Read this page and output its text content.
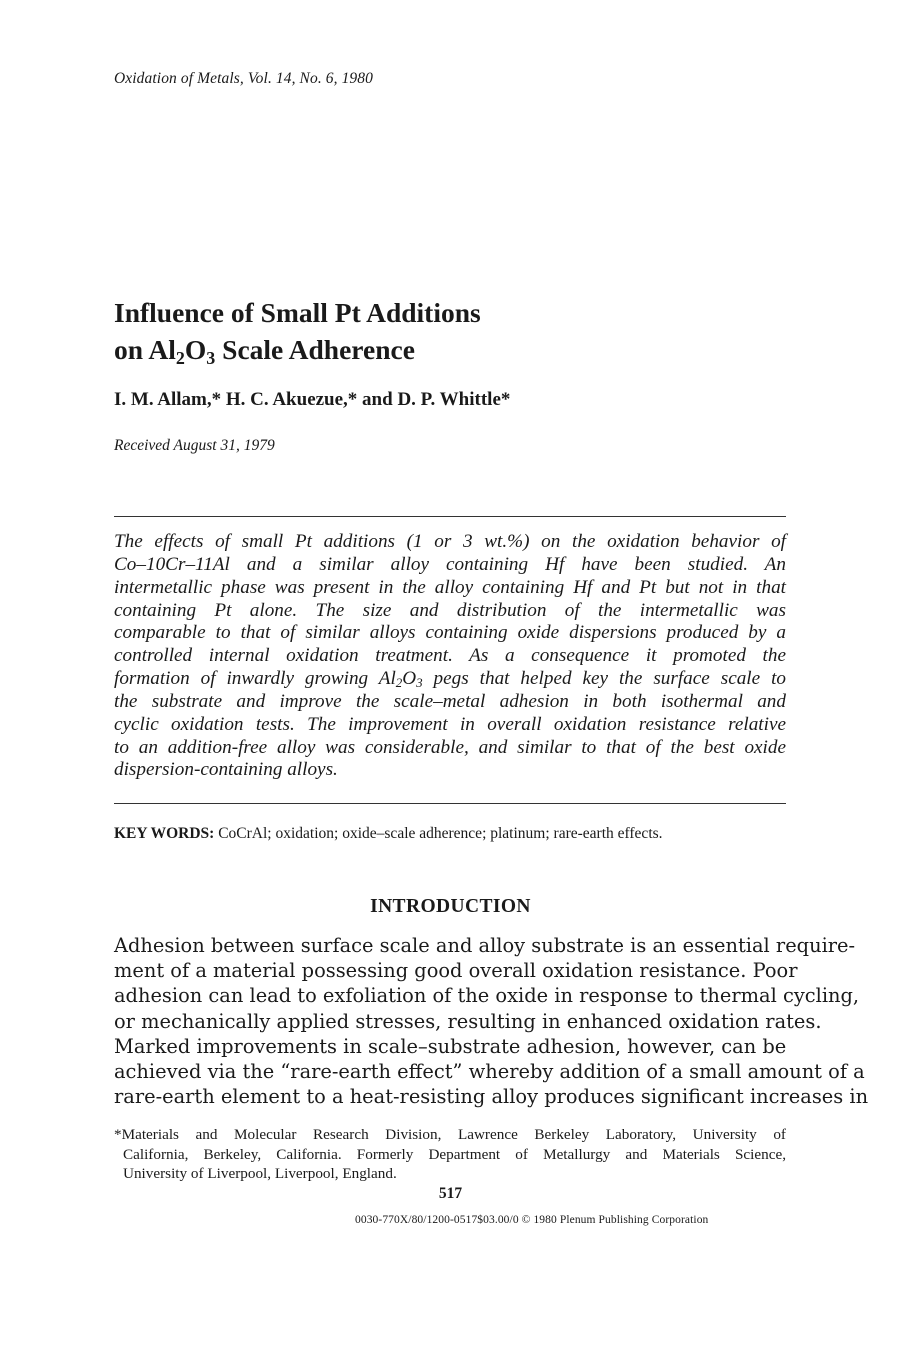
Oxidation of Metals, Vol. 14, No. 6, 1980
Influence of Small Pt Additions
on $Al_2O_3$ Scale Adherence
I. M. Allam,* H. C. Akuezue,* and D. P. Whittle*
Received August 31, 1979
The effects of small Pt additions (1 or 3 wt.%) on the oxidation behavior of
Co–10Cr–11Al and a similar alloy containing Hf have been studied. An
intermetallic phase was present in the alloy containing Hf and Pt but not in that
containing Pt alone. The size and distribution of the intermetallic was
comparable to that of similar alloys containing oxide dispersions produced by a
controlled internal oxidation treatment. As a consequence it promoted the
formation of inwardly growing $Al_2O_3$ pegs that helped key the surface scale to
the substrate and improve the scale–metal adhesion in both isothermal and
cyclic oxidation tests. The improvement in overall oxidation resistance relative
to an addition-free alloy was considerable, and similar to that of the best oxide
dispersion-containing alloys.
KEY WORDS: CoCrAl; oxidation; oxide–scale adherence; platinum; rare-earth effects.
INTRODUCTION
Adhesion between surface scale and alloy substrate is an essential require-
ment of a material possessing good overall oxidation resistance. Poor
adhesion can lead to exfoliation of the oxide in response to thermal cycling,
or mechanically applied stresses, resulting in enhanced oxidation rates.
Marked improvements in scale–substrate adhesion, however, can be
achieved via the “rare-earth effect” whereby addition of a small amount of a
rare-earth element to a heat-resisting alloy produces significant increases in
*Materials and Molecular Research Division, Lawrence Berkeley Laboratory, University of
California, Berkeley, California. Formerly Department of Metallurgy and Materials Science,
University of Liverpool, Liverpool, England.
517
0030-770X/80/1200-0517$03.00/0 © 1980 Plenum Publishing Corporation
